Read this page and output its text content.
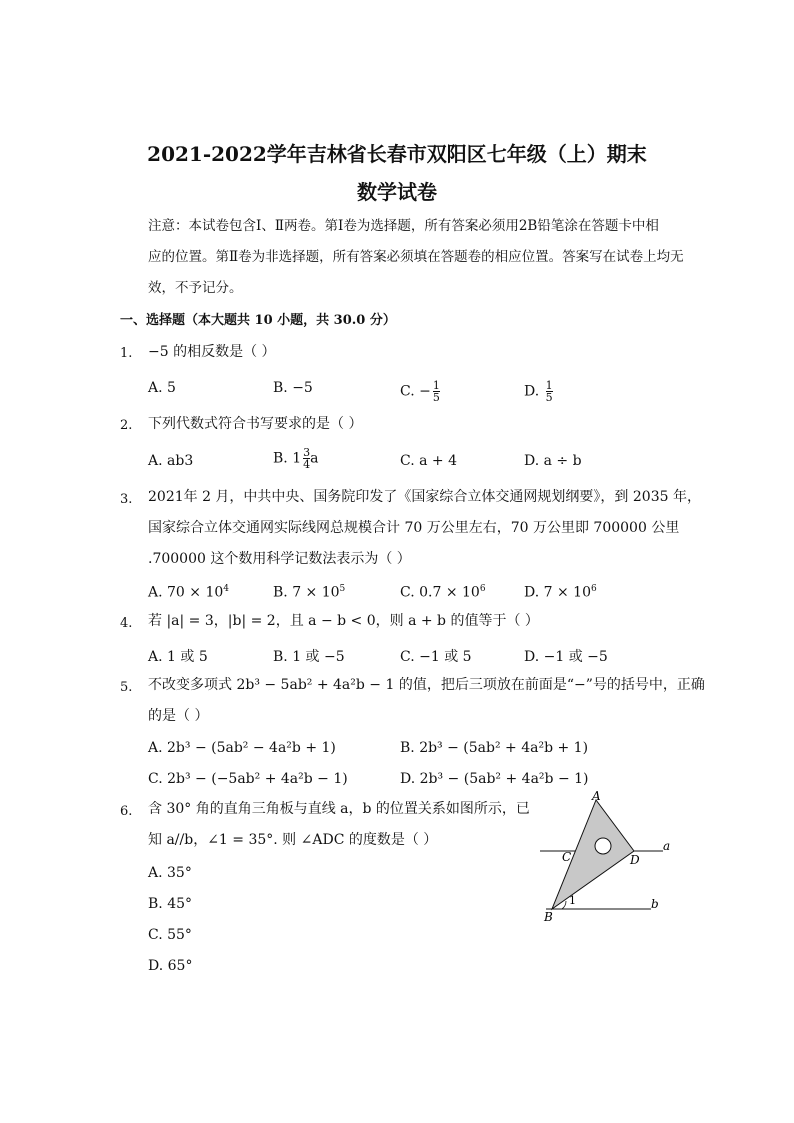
2021-2022学年吉林省长春市双阳区七年级（上）期末
数学试卷
注意：本试卷包含Ⅰ、Ⅱ两卷。第Ⅰ卷为选择题，所有答案必须用2B铅笔涂在答题卡中相
应的位置。第Ⅱ卷为非选择题，所有答案必须填在答题卷的相应位置。答案写在试卷上均无
效，不予记分。
一、选择题（本大题共 10 小题，共 30.0 分）
1. −5 的相反数是（ ）
A. 5	B. −5	C. − $\frac{1}{5}$	D. $\frac{1}{5}$
2. 下列代数式符合书写要求的是（ ）
A. ab3	B. $1 \frac{3}{4}$ a	C. a + 4	D. a ÷ b
3. 2021年 2 月，中共中央、国务院印发了《国家综合立体交通网规划纲要》，到 2035 年，
国家综合立体交通网实际线网总规模合计 70 万公里左右，70 万公里即 700000 公里
.700000 这个数用科学记数法表示为（ ）
A. $70 \times 10^4$	B. $7 \times 10^5$	C. $0.7 \times 10^6$	D. $7 \times 10^6$
4. 若 |a| = 3，|b| = 2，且 a − b < 0，则 a + b 的值等于（ ）
A. 1 或 5	B. 1 或 −5	C. −1 或 5	D. −1 或 −5
5. 不改变多项式 2b³ − 5ab² + 4a²b − 1 的值，把后三项放在前面是“−”号的括号中，正确
的是（ ）
A. 2b³ − (5ab² − 4a²b + 1)	B. 2b³ − (5ab² + 4a²b + 1)
C. 2b³ − (−5ab² + 4a²b − 1)	D. 2b³ − (5ab² + 4a²b − 1)
6. 含 30° 角的直角三角板与直线 a，b 的位置关系如图所示，已
知 a//b，∠1 = 35°. 则 ∠ADC 的度数是（ ）
A. 35°
B. 45°
C. 55°
D. 65°
A
B
C	D
1
a
b
